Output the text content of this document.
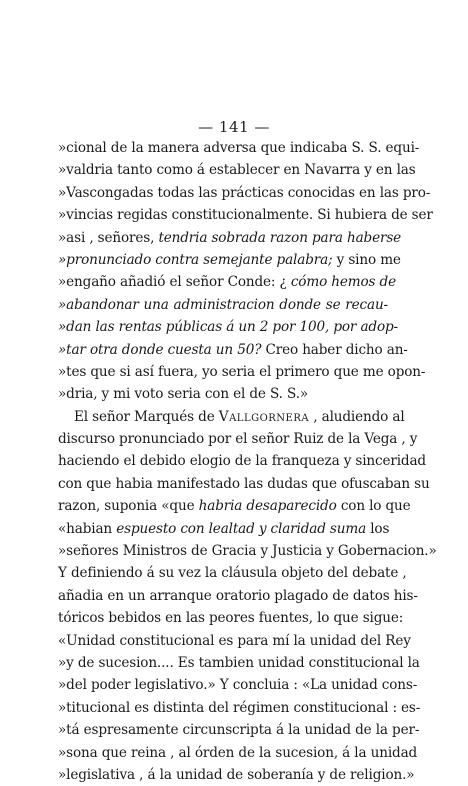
— 141 —
»cional de la manera adversa que indicaba S. S. equi-
»valdria tanto como á establecer en Navarra y en las
»Vascongadas todas las prácticas conocidas en las pro-
»vincias regidas constitucionalmente. Si hubiera de ser
»asi , señores, tendria sobrada razon para haberse
»pronunciado contra semejante palabra; y sino me
»engaño añadió el señor Conde: ¿ cómo hemos de
»abandonar una administracion donde se recau-
»dan las rentas públicas á un 2 por 100, por adop-
»tar otra donde cuesta un 50? Creo haber dicho an-
»tes que si así fuera, yo seria el primero que me opon-
»dria, y mi voto seria con el de S. S.»
El señor Marqués de Vallgornera , aludiendo al
discurso pronunciado por el señor Ruiz de la Vega , y
haciendo el debido elogio de la franqueza y sinceridad
con que habia manifestado las dudas que ofuscaban su
razon, suponia «que habria desaparecido con lo que
«habian espuesto con lealtad y claridad suma los
»señores Ministros de Gracia y Justicia y Gobernacion.»
Y definiendo á su vez la cláusula objeto del debate ,
añadia en un arranque oratorio plagado de datos his-
tóricos bebidos en las peores fuentes, lo que sigue:
«Unidad constitucional es para mí la unidad del Rey
»y de sucesion.... Es tambien unidad constitucional la
»del poder legislativo.» Y concluia : «La unidad cons-
»titucional es distinta del régimen constitucional : es-
»tá espresamente circunscripta á la unidad de la per-
»sona que reina , al órden de la sucesion, á la unidad
»legislativa , á la unidad de soberanía y de religion.»
